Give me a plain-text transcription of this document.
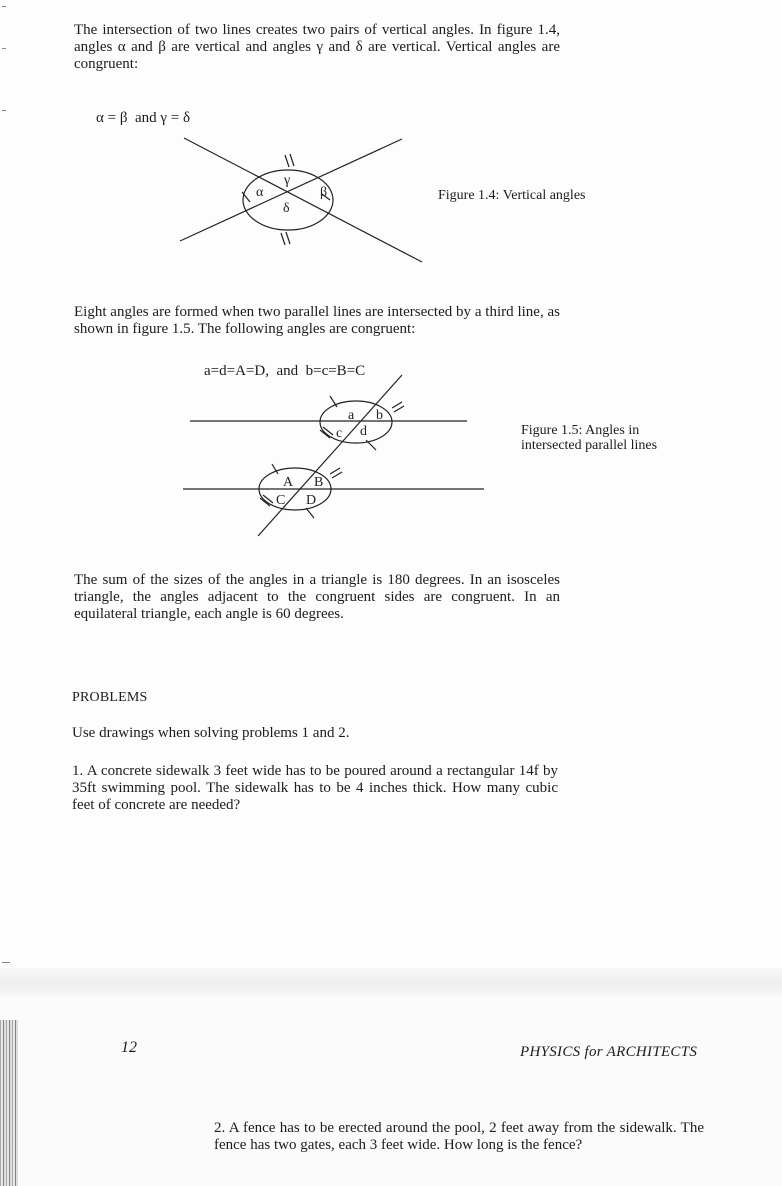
The intersection of two lines creates two pairs of vertical angles. In figure 1.4, angles α and β are vertical and angles γ and δ are vertical. Vertical angles are congruent:

α = β  and γ = δ

α
γ
β
δ

Figure 1.4: Vertical angles

Eight angles are formed when two parallel lines are intersected by a third line, as shown in figure 1.5. The following angles are congruent:

a=d=A=D,  and  b=c=B=C

a b
c d
A B
C D

Figure 1.5: Angles in

intersected parallel lines

The sum of the sizes of the angles in a triangle is 180 degrees. In an isosceles triangle, the angles adjacent to the congruent sides are congruent. In an equilateral triangle, each angle is 60 degrees.

PROBLEMS

Use drawings when solving problems 1 and 2.

1. A concrete sidewalk 3 feet wide has to be poured around a rectangular 14f by 35ft swimming pool. The sidewalk has to be 4 inches thick. How many cubic feet of concrete are needed?

12	PHYSICS for ARCHITECTS

2. A fence has to be erected around the pool, 2 feet away from the sidewalk. The fence has two gates, each 3 feet wide. How long is the fence?
